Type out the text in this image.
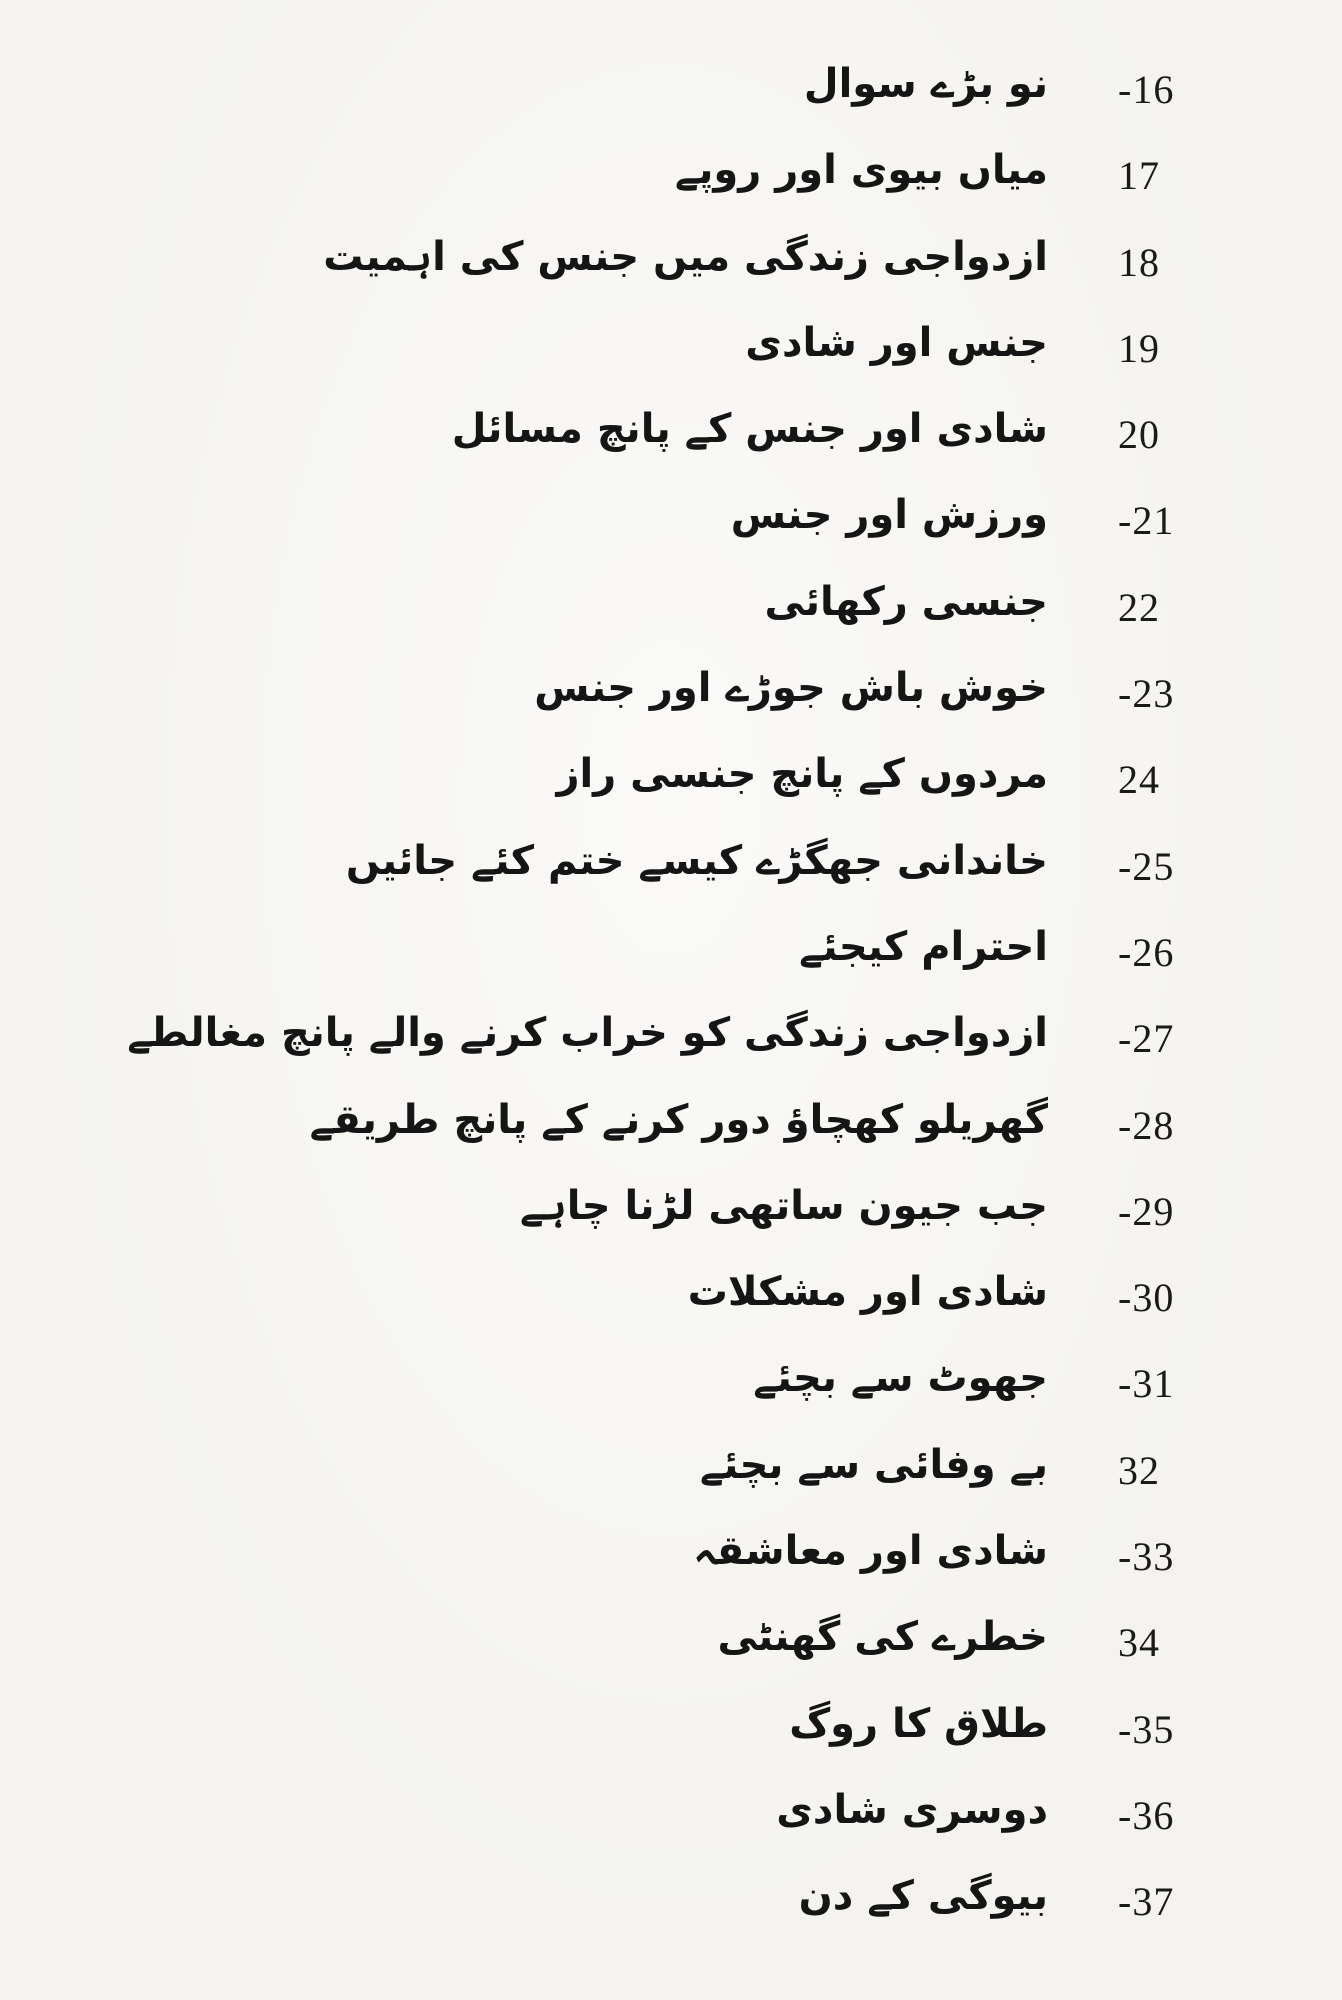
-16
نو بڑے سوال
17
میاں بیوی اور روپے
18
ازدواجی زندگی میں جنس کی اہمیت
19
جنس اور شادی
20
شادی اور جنس کے پانچ مسائل
-21
ورزش اور جنس
22
جنسی رکھائی
-23
خوش باش جوڑے اور جنس
24
مردوں کے پانچ جنسی راز
-25
خاندانی جھگڑے کیسے ختم کئے جائیں
-26
احترام کیجئے
-27
ازدواجی زندگی کو خراب کرنے والے پانچ مغالطے
-28
گھریلو کھچاؤ دور کرنے کے پانچ طریقے
-29
جب جیون ساتھی لڑنا چاہے
-30
شادی اور مشکلات
-31
جھوٹ سے بچئے
32
بے وفائی سے بچئے
-33
شادی اور معاشقہ
34
خطرے کی گھنٹی
-35
طلاق کا روگ
-36
دوسری شادی
-37
بیوگی کے دن
